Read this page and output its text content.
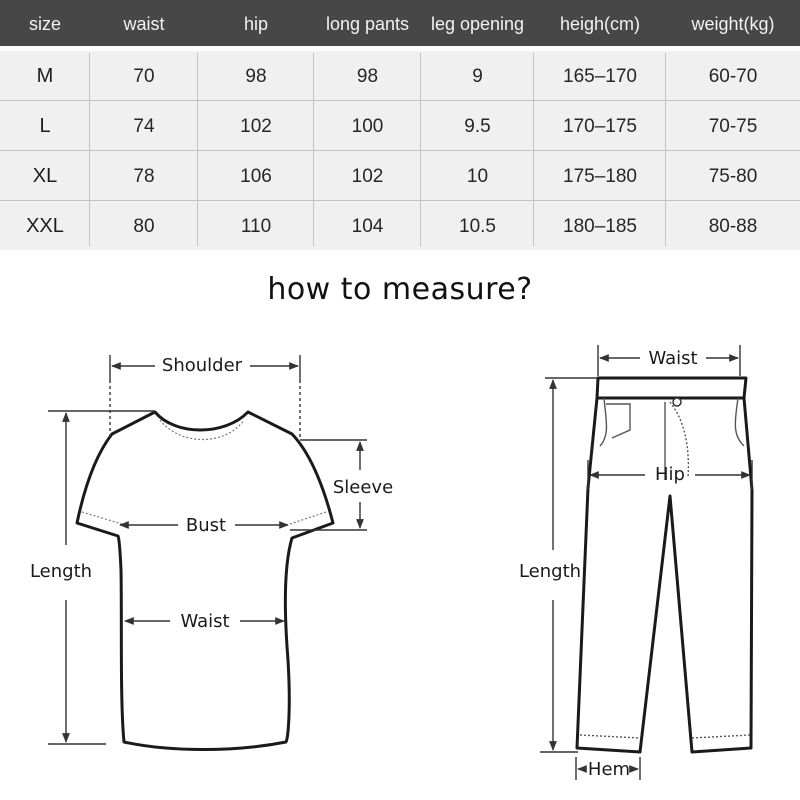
size	waist	hip	long pants	leg opening	heigh(cm)	weight(kg)
M	70	98	98	9	165–170	60-70
L	74	102	100	9.5	170–175	70-75
XL	78	106	102	10	175–180	75-80
XXL	80	110	104	10.5	180–185	80-88
how to measure?
Shoulder
Sleeve
Bust
Length
Waist
Waist
Hip
Length
Hem
